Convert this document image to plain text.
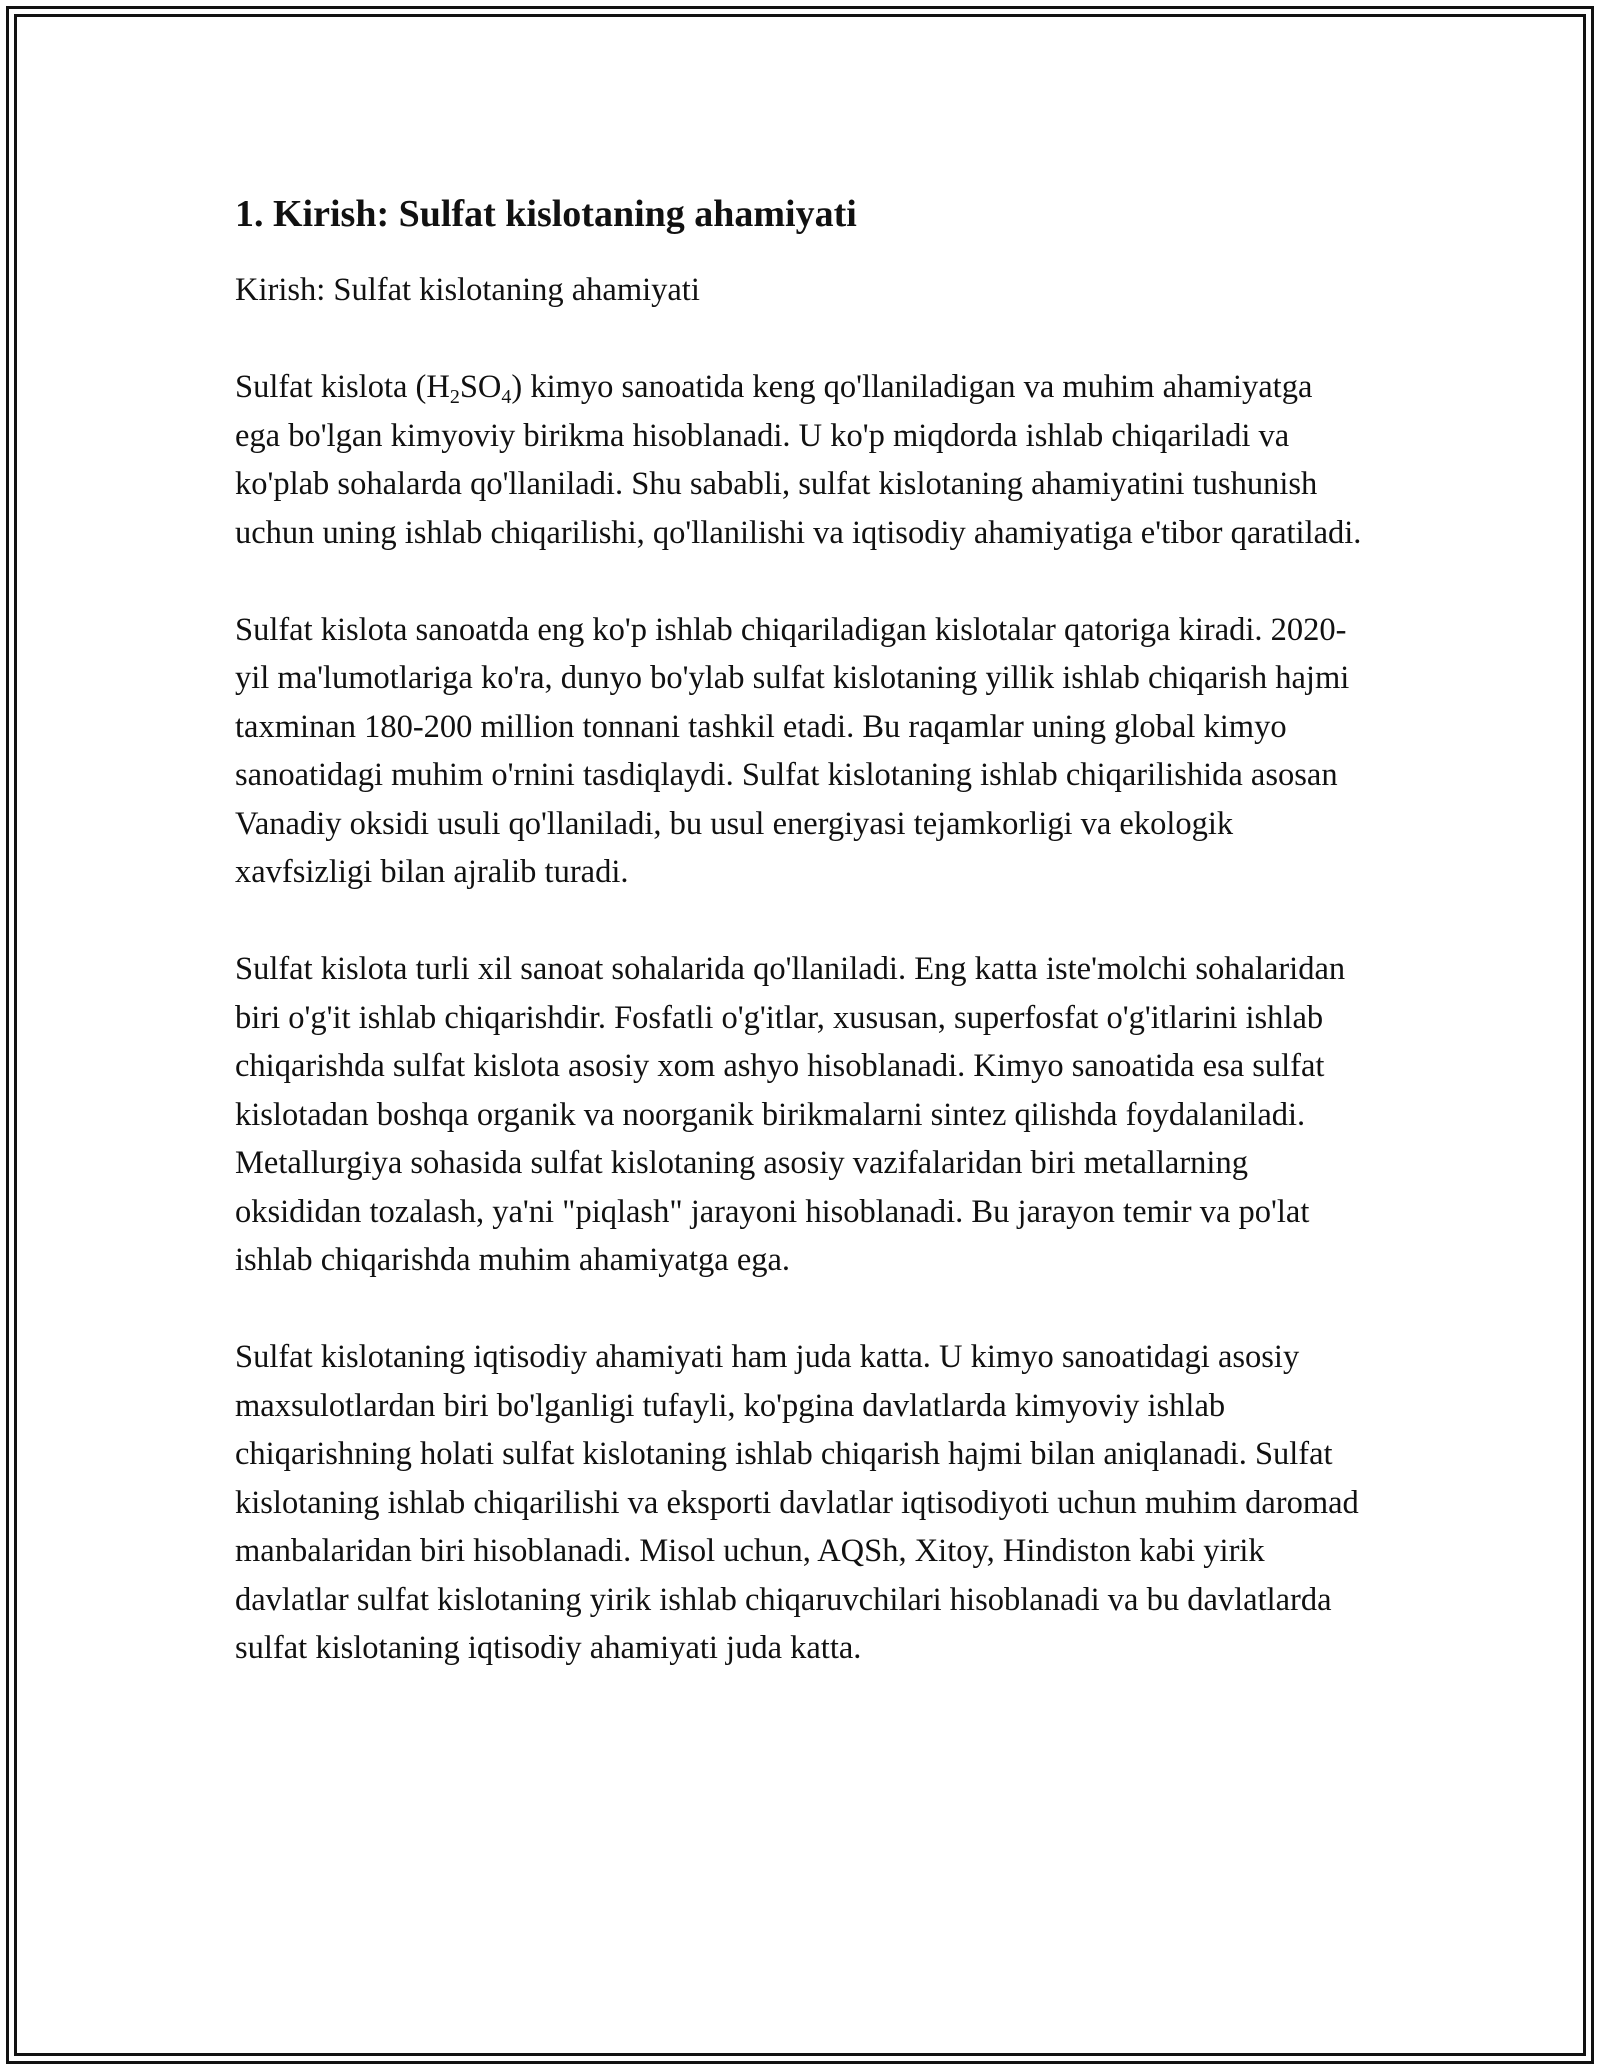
1. Kirish: Sulfat kislotaning ahamiyati

Kirish: Sulfat kislotaning ahamiyati

Sulfat kislota $(H_2SO_4)$ kimyo sanoatida keng qo'llaniladigan va muhim ahamiyatga ega bo'lgan kimyoviy birikma hisoblanadi. U ko'p miqdorda ishlab chiqariladi va ko'plab sohalarda qo'llaniladi. Shu sababli, sulfat kislotaning ahamiyatini tushunish uchun uning ishlab chiqarilishi, qo'llanilishi va iqtisodiy ahamiyatiga e'tibor qaratiladi.

Sulfat kislota sanoatda eng ko'p ishlab chiqariladigan kislotalar qatoriga kiradi. 2020-yil ma'lumotlariga ko'ra, dunyo bo'ylab sulfat kislotaning yillik ishlab chiqarish hajmi taxminan 180-200 million tonnani tashkil etadi. Bu raqamlar uning global kimyo sanoatidagi muhim o'rnini tasdiqlaydi. Sulfat kislotaning ishlab chiqarilishida asosan Vanadiy oksidi usuli qo'llaniladi, bu usul energiyasi tejamkorligi va ekologik xavfsizligi bilan ajralib turadi.

Sulfat kislota turli xil sanoat sohalarida qo'llaniladi. Eng katta iste'molchi sohalaridan biri o'g'it ishlab chiqarishdir. Fosfatli o'g'itlar, xususan, superfosfat o'g'itlarini ishlab chiqarishda sulfat kislota asosiy xom ashyo hisoblanadi. Kimyo sanoatida esa sulfat kislotadan boshqa organik va noorganik birikmalarni sintez qilishda foydalaniladi. Metallurgiya sohasida sulfat kislotaning asosiy vazifalaridan biri metallarning oksididan tozalash, ya'ni "piqlash" jarayoni hisoblanadi. Bu jarayon temir va po'lat ishlab chiqarishda muhim ahamiyatga ega.

Sulfat kislotaning iqtisodiy ahamiyati ham juda katta. U kimyo sanoatidagi asosiy maxsulotlardan biri bo'lganligi tufayli, ko'pgina davlatlarda kimyoviy ishlab chiqarishning holati sulfat kislotaning ishlab chiqarish hajmi bilan aniqlanadi. Sulfat kislotaning ishlab chiqarilishi va eksporti davlatlar iqtisodiyoti uchun muhim daromad manbalaridan biri hisoblanadi. Misol uchun, AQSh, Xitoy, Hindiston kabi yirik davlatlar sulfat kislotaning yirik ishlab chiqaruvchilari hisoblanadi va bu davlatlarda sulfat kislotaning iqtisodiy ahamiyati juda katta.
